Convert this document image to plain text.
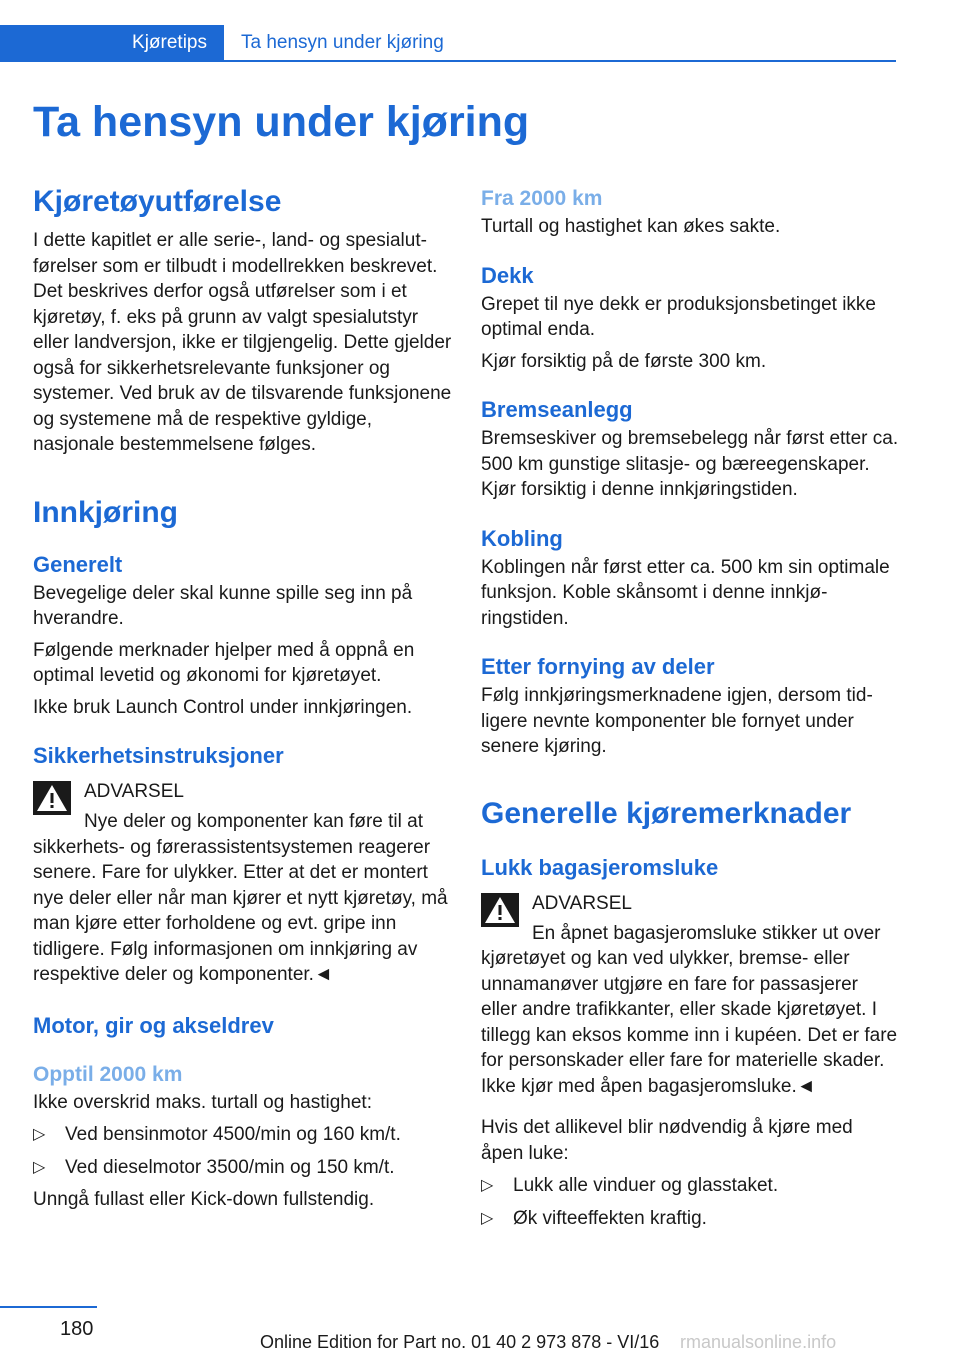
Kjøretips	Ta hensyn under kjøring
Ta hensyn under kjøring
Kjøretøyutførelse

I dette kapitlet er alle serie-, land- og spesialutførelser som er tilbudt i modellrekken beskrevet. Det beskrives derfor også utførelser som i et kjøretøy, f. eks på grunn av valgt spesialutstyr eller landversjon, ikke er tilgjengelig. Dette gjelder også for sikkerhetsrelevante funksjoner og systemer. Ved bruk av de tilsvarende funksjonene og systemene må de respektive gyldige, nasjonale bestemmelsene følges.

Innkjøring
Generelt

Bevegelige deler skal kunne spille seg inn på hverandre.

Følgende merknader hjelper med å oppnå en optimal levetid og økonomi for kjøretøyet.

Ikke bruk Launch Control under innkjøringen.

Sikkerhetsinstruksjoner
ADVARSEL

Nye deler og komponenter kan føre til at sikkerhets- og førerassistentsystemen reagerer senere. Fare for ulykker. Etter at det er montert nye deler eller når man kjører et nytt kjøretøy, må man kjøre etter forholdene og evt. gripe inn tidligere. Følg informasjonen om innkjøring av respektive deler og komponenter.◄

Motor, gir og akseldrev
Opptil 2000 km

Ikke overskrid maks. turtall og hastighet:

▷ Ved bensinmotor 4500/min og 160 km/t.
▷ Ved dieselmotor 3500/min og 150 km/t.

Unngå fullast eller Kick-down fullstendig.

Fra 2000 km

Turtall og hastighet kan økes sakte.

Dekk

Grepet til nye dekk er produksjonsbetinget ikke optimal enda.

Kjør forsiktig på de første 300 km.

Bremseanlegg

Bremseskiver og bremsebelegg når først etter ca. 500 km gunstige slitasje- og bæreegenskaper. Kjør forsiktig i denne innkjøringstiden.

Kobling

Koblingen når først etter ca. 500 km sin optimale funksjon. Koble skånsomt i denne innkjøringstiden.

Etter fornying av deler

Følg innkjøringsmerknadene igjen, dersom tidligere nevnte komponenter ble fornyet under senere kjøring.

Generelle kjøremerknader
Lukk bagasjeromsluke
ADVARSEL

En åpnet bagasjeromsluke stikker ut over kjøretøyet og kan ved ulykker, bremse- eller unnamanøver utgjøre en fare for passasjerer eller andre trafikkanter, eller skade kjøretøyet. I tillegg kan eksos komme inn i kupéen. Det er fare for personskader eller fare for materielle skader. Ikke kjør med åpen bagasjeromsluke.◄

Hvis det allikevel blir nødvendig å kjøre med åpen luke:

▷ Lukk alle vinduer og glasstaket.
▷ Øk vifteeffekten kraftig.
180
Online Edition for Part no. 01 40 2 973 878 - VI/16 rmanualsonline.info
